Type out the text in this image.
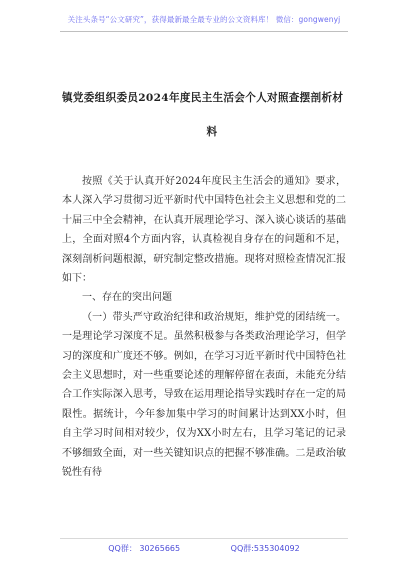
关注头条号“公文研究”，获得最新最全最专业的公文资料库！ 微信：gongwenyj
镇党委组织委员2024年度民主生活会个人对照查摆剖析材
料

按照《关于认真开好2024年度民主生活会的通知》要求，本人深入学习贯彻习近平新时代中国特色社会主义思想和党的二十届三中全会精神，在认真开展理论学习、深入谈心谈话的基础上，全面对照4个方面内容，认真检视自身存在的问题和不足，深刻剖析问题根源，研究制定整改措施。现将对照检查情况汇报如下：

一、存在的突出问题

（一）带头严守政治纪律和政治规矩，维护党的团结统一。一是理论学习深度不足。虽然积极参与各类政治理论学习，但学习的深度和广度还不够。例如，在学习习近平新时代中国特色社会主义思想时，对一些重要论述的理解停留在表面，未能充分结合工作实际深入思考，导致在运用理论指导实践时存在一定的局限性。据统计，今年参加集中学习的时间累计达到XX小时，但自主学习时间相对较少，仅为XX小时左右，且学习笔记的记录不够细致全面，对一些关键知识点的把握不够准确。二是政治敏锐性有待

QQ群： 30265665	QQ群:535304092
